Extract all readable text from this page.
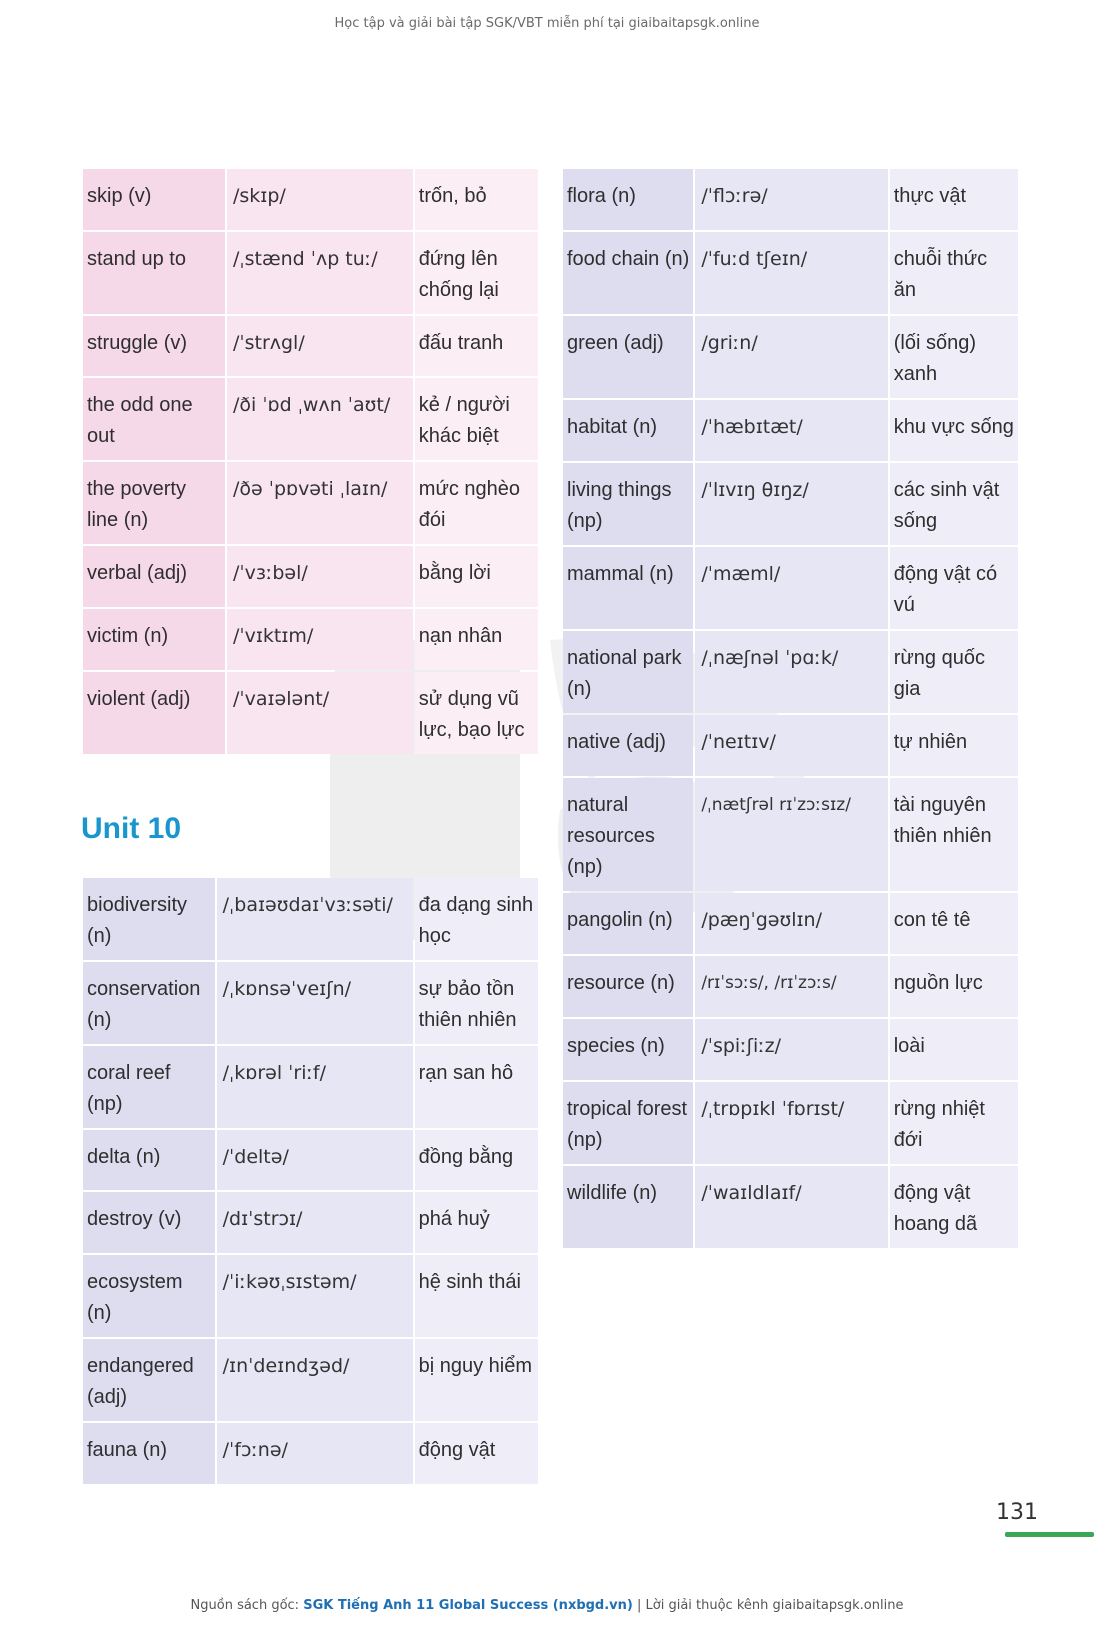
Học tập và giải bài tập SGK/VBT miễn phí tại giaibaitapsgk.online
skip (v)	/skɪp/	trốn, bỏ
stand up to	/ˌstænd ˈʌp tuː/	đứng lên chống lại
struggle (v)	/ˈstrʌgl/	đấu tranh
the odd one out	/ði ˈɒd ˌwʌn ˈaʊt/	kẻ / người khác biệt
the poverty line (n)	/ðə ˈpɒvəti ˌlaɪn/	mức nghèo đói
verbal (adj)	/ˈvɜːbəl/	bằng lời
victim (n)	/ˈvɪktɪm/	nạn nhân
violent (adj)	/ˈvaɪələnt/	sử dụng vũ lực, bạo lực
Unit 10
biodiversity (n)	/ˌbaɪəʊdaɪˈvɜːsəti/	đa dạng sinh học
conservation (n)	/ˌkɒnsəˈveɪʃn/	sự bảo tồn thiên nhiên
coral reef (np)	/ˌkɒrəl ˈriːf/	rạn san hô
delta (n)	/ˈdeltə/	đồng bằng
destroy (v)	/dɪˈstrɔɪ/	phá huỷ
ecosystem (n)	/ˈiːkəʊˌsɪstəm/	hệ sinh thái
endangered (adj)	/ɪnˈdeɪndʒəd/	bị nguy hiểm
fauna (n)	/ˈfɔːnə/	động vật
flora (n)	/ˈflɔːrə/	thực vật
food chain (n)	/ˈfuːd tʃeɪn/	chuỗi thức ăn
green (adj)	/griːn/	(lối sống) xanh
habitat (n)	/ˈhæbɪtæt/	khu vực sống
living things (np)	/ˈlɪvɪŋ θɪŋz/	các sinh vật sống
mammal (n)	/ˈmæml/	động vật có vú
national park (n)	/ˌnæʃnəl ˈpɑːk/	rừng quốc gia
native (adj)	/ˈneɪtɪv/	tự nhiên
natural resources (np)	/ˌnætʃrəl rɪˈzɔːsɪz/	tài nguyên thiên nhiên
pangolin (n)	/pæŋˈgəʊlɪn/	con tê tê
resource (n)	/rɪˈsɔːs/, /rɪˈzɔːs/	nguồn lực
species (n)	/ˈspiːʃiːz/	loài
tropical forest (np)	/ˌtrɒpɪkl ˈfɒrɪst/	rừng nhiệt đới
wildlife (n)	/ˈwaɪldlaɪf/	động vật hoang dã
131
Nguồn sách gốc: SGK Tiếng Anh 11 Global Success (nxbgd.vn) | Lời giải thuộc kênh giaibaitapsgk.online
